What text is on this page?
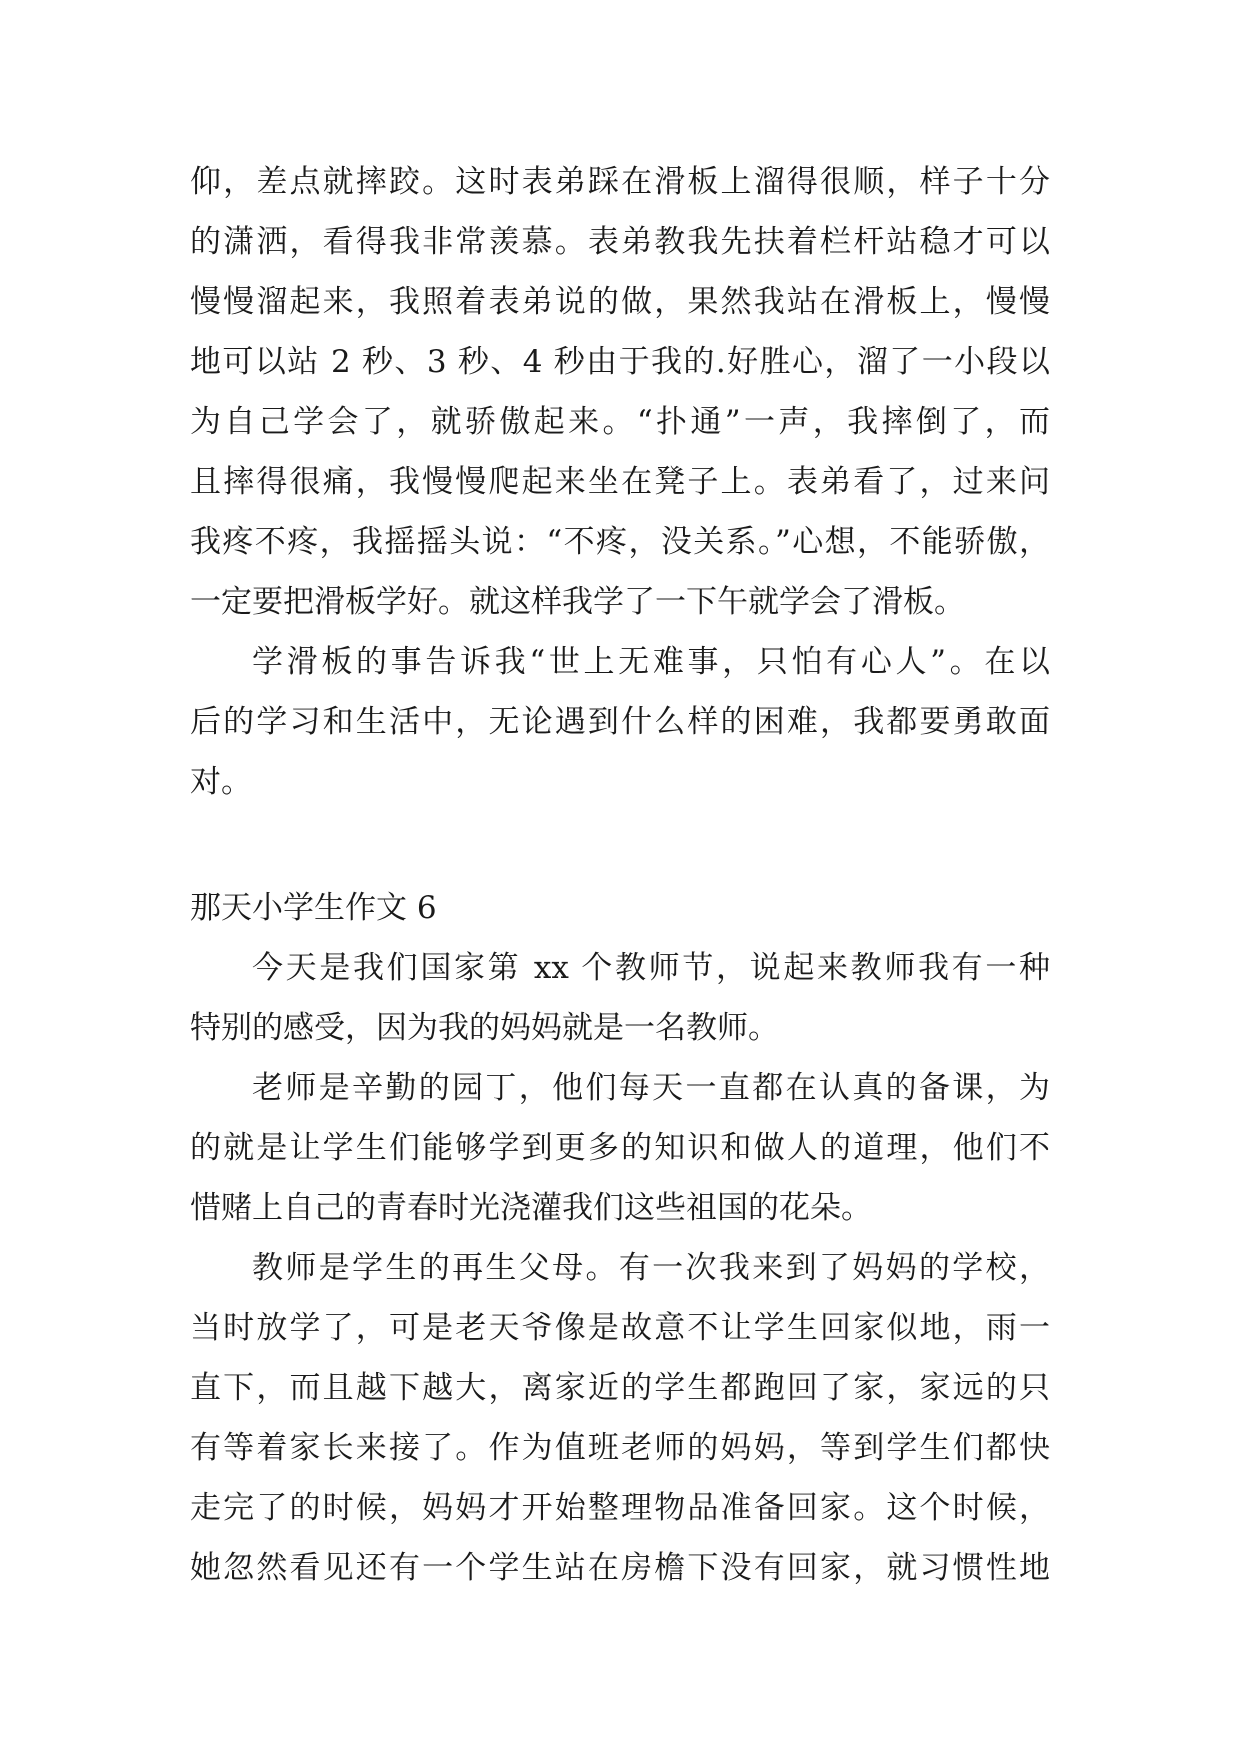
仰，差点就摔跤。这时表弟踩在滑板上溜得很顺，样子十分
的潇洒，看得我非常羡慕。表弟教我先扶着栏杆站稳才可以
慢慢溜起来，我照着表弟说的做，果然我站在滑板上，慢慢
地可以站 2 秒、3 秒、4 秒由于我的.好胜心，溜了一小段以
为自己学会了，就骄傲起来。“扑通”一声，我摔倒了，而
且摔得很痛，我慢慢爬起来坐在凳子上。表弟看了，过来问
我疼不疼，我摇摇头说：“不疼，没关系。”心想，不能骄傲，
一定要把滑板学好。就这样我学了一下午就学会了滑板。
学滑板的事告诉我“世上无难事，只怕有心人”。在以
后的学习和生活中，无论遇到什么样的困难，我都要勇敢面
对。
那天小学生作文 6
今天是我们国家第 xx 个教师节，说起来教师我有一种
特别的感受，因为我的妈妈就是一名教师。
老师是辛勤的园丁，他们每天一直都在认真的备课，为
的就是让学生们能够学到更多的知识和做人的道理，他们不
惜赌上自己的青春时光浇灌我们这些祖国的花朵。
教师是学生的再生父母。有一次我来到了妈妈的学校，
当时放学了，可是老天爷像是故意不让学生回家似地，雨一
直下，而且越下越大，离家近的学生都跑回了家，家远的只
有等着家长来接了。作为值班老师的妈妈，等到学生们都快
走完了的时候，妈妈才开始整理物品准备回家。这个时候，
她忽然看见还有一个学生站在房檐下没有回家，就习惯性地
